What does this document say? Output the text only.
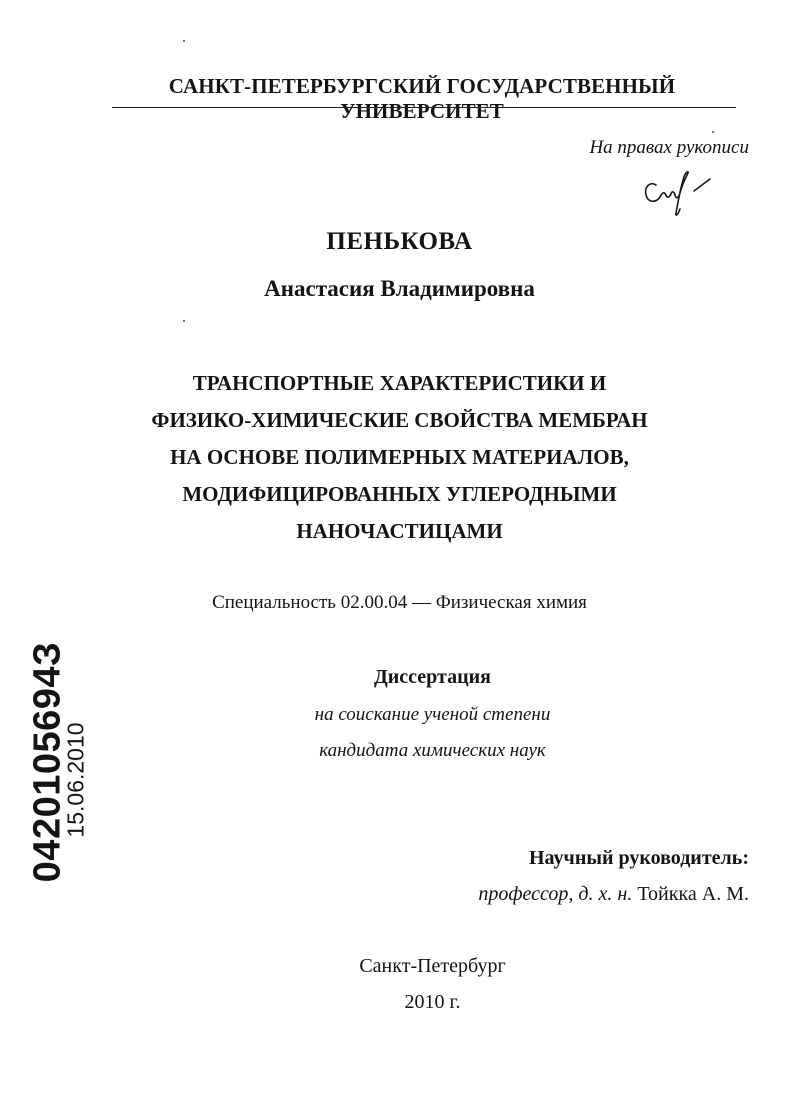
САНКТ-ПЕТЕРБУРГСКИЙ ГОСУДАРСТВЕННЫЙ УНИВЕРСИТЕТ
На правах рукописи
ПЕНЬКОВА
Анастасия Владимировна
ТРАНСПОРТНЫЕ ХАРАКТЕРИСТИКИ И
ФИЗИКО-ХИМИЧЕСКИЕ СВОЙСТВА МЕМБРАН
НА ОСНОВЕ ПОЛИМЕРНЫХ МАТЕРИАЛОВ,
МОДИФИЦИРОВАННЫХ УГЛЕРОДНЫМИ
НАНОЧАСТИЦАМИ
Специальность 02.00.04 — Физическая химия
Диссертация
на соискание ученой степени
кандидата химических наук
Научный руководитель:
профессор, д. х. н. Тойкка А. М.
Санкт-Петербург
2010 г.
0420105694З
15.06.2010
